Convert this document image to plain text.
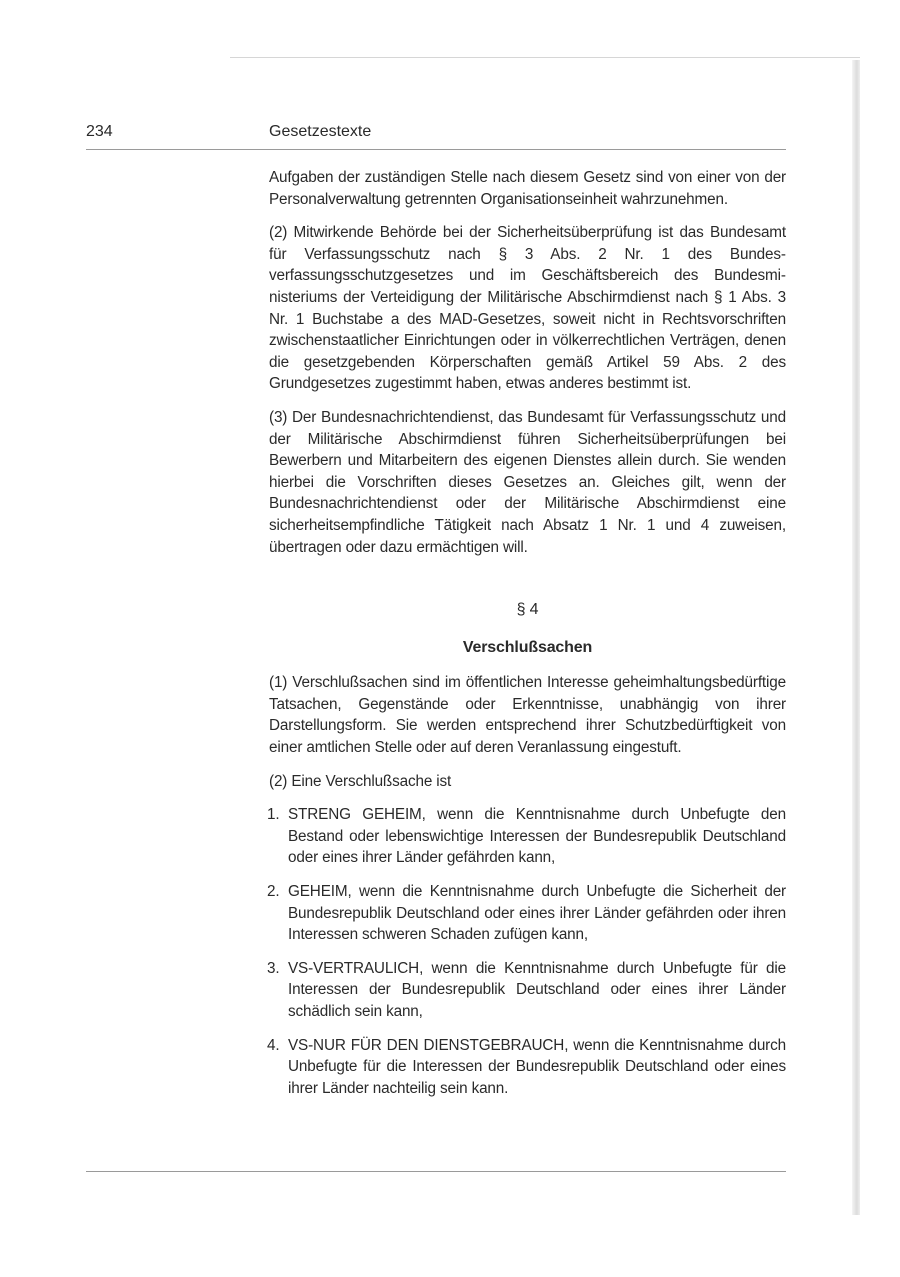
234	Gesetzestexte

Aufgaben der zuständigen Stelle nach diesem Gesetz sind von einer von der Personalverwaltung getrennten Organisationseinheit wahrzunehmen.

(2) Mitwirkende Behörde bei der Sicherheitsüberprüfung ist das Bundesamt für Verfassungsschutz nach § 3 Abs. 2 Nr. 1 des Bundesverfassungsschutzgesetzes und im Geschäftsbereich des Bundesministeriums der Verteidigung der Militärische Abschirmdienst nach § 1 Abs. 3 Nr. 1 Buchstabe a des MAD-Gesetzes, soweit nicht in Rechtsvorschriften zwischenstaatlicher Einrichtungen oder in völkerrechtlichen Verträgen, denen die gesetzgebenden Körperschaften gemäß Artikel 59 Abs. 2 des Grundgesetzes zugestimmt haben, etwas anderes bestimmt ist.

(3) Der Bundesnachrichtendienst, das Bundesamt für Verfassungsschutz und der Militärische Abschirmdienst führen Sicherheitsüberprüfungen bei Bewerbern und Mitarbeitern des eigenen Dienstes allein durch. Sie wenden hierbei die Vorschriften dieses Gesetzes an. Gleiches gilt, wenn der Bundesnachrichtendienst oder der Militärische Abschirmdienst eine sicherheitsempfindliche Tätigkeit nach Absatz 1 Nr. 1 und 4 zuweisen, übertragen oder dazu ermächtigen will.

§ 4

Verschlußsachen

(1) Verschlußsachen sind im öffentlichen Interesse geheimhaltungsbedürftige Tatsachen, Gegenstände oder Erkenntnisse, unabhängig von ihrer Darstellungsform. Sie werden entsprechend ihrer Schutzbedürftigkeit von einer amtlichen Stelle oder auf deren Veranlassung eingestuft.

(2) Eine Verschlußsache ist

1. STRENG GEHEIM, wenn die Kenntnisnahme durch Unbefugte den Bestand oder lebenswichtige Interessen der Bundesrepublik Deutschland oder eines ihrer Länder gefährden kann,
2. GEHEIM, wenn die Kenntnisnahme durch Unbefugte die Sicherheit der Bundesrepublik Deutschland oder eines ihrer Länder gefährden oder ihren Interessen schweren Schaden zufügen kann,
3. VS-VERTRAULICH, wenn die Kenntnisnahme durch Unbefugte für die Interessen der Bundesrepublik Deutschland oder eines ihrer Länder schädlich sein kann,
4. VS-NUR FÜR DEN DIENSTGEBRAUCH, wenn die Kenntnisnahme durch Unbefugte für die Interessen der Bundesrepublik Deutschland oder eines ihrer Länder nachteilig sein kann.
